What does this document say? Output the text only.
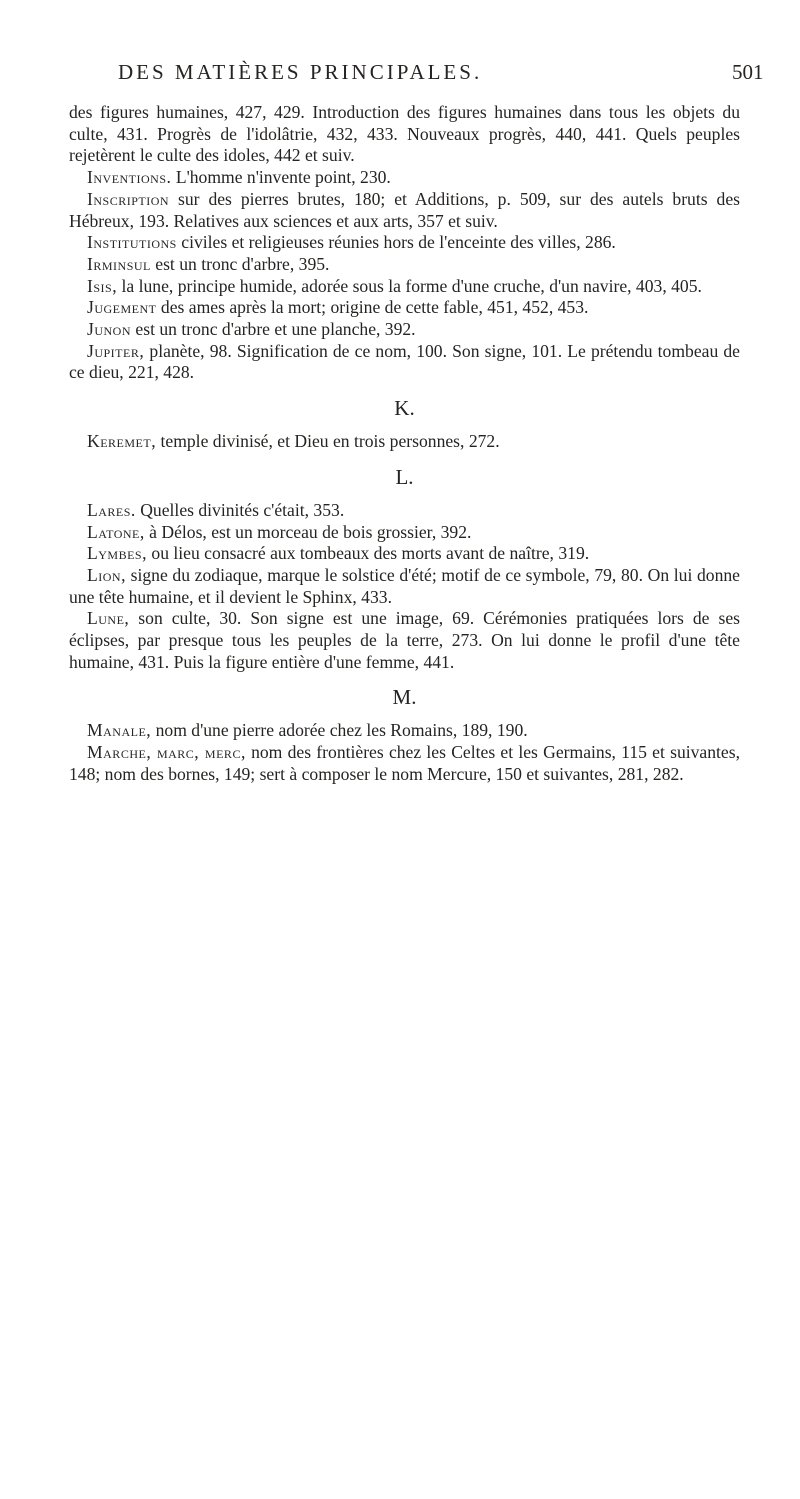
DES MATIÈRES PRINCIPALES.	501

des figures humaines, 427, 429. Introduction des figures humaines dans tous les objets du culte, 431. Progrès de l'idolâtrie, 432, 433. Nouveaux progrès, 440, 441. Quels peuples rejetèrent le culte des idoles, 442 et suiv.

Inventions. L'homme n'invente point, 230.

Inscription sur des pierres brutes, 180; et Additions, p. 509, sur des autels bruts des Hébreux, 193. Relatives aux sciences et aux arts, 357 et suiv.

Institutions civiles et religieuses réunies hors de l'enceinte des villes, 286.

Irminsul est un tronc d'arbre, 395.

Isis, la lune, principe humide, adorée sous la forme d'une cruche, d'un navire, 403, 405.

Jugement des ames après la mort; origine de cette fable, 451, 452, 453.

Junon est un tronc d'arbre et une planche, 392.

Jupiter, planète, 98. Signification de ce nom, 100. Son signe, 101. Le prétendu tombeau de ce dieu, 221, 428.

K.

Keremet, temple divinisé, et Dieu en trois personnes, 272.

L.

Lares. Quelles divinités c'était, 353.

Latone, à Délos, est un morceau de bois grossier, 392.

Lymbes, ou lieu consacré aux tombeaux des morts avant de naître, 319.

Lion, signe du zodiaque, marque le solstice d'été; motif de ce symbole, 79, 80. On lui donne une tête humaine, et il devient le Sphinx, 433.

Lune, son culte, 30. Son signe est une image, 69. Cérémonies pratiquées lors de ses éclipses, par presque tous les peuples de la terre, 273. On lui donne le profil d'une tête humaine, 431. Puis la figure entière d'une femme, 441.

M.

Manale, nom d'une pierre adorée chez les Romains, 189, 190.

Marche, marc, merc, nom des frontières chez les Celtes et les Germains, 115 et suivantes, 148; nom des bornes, 149; sert à composer le nom Mercure, 150 et suivantes, 281, 282.
